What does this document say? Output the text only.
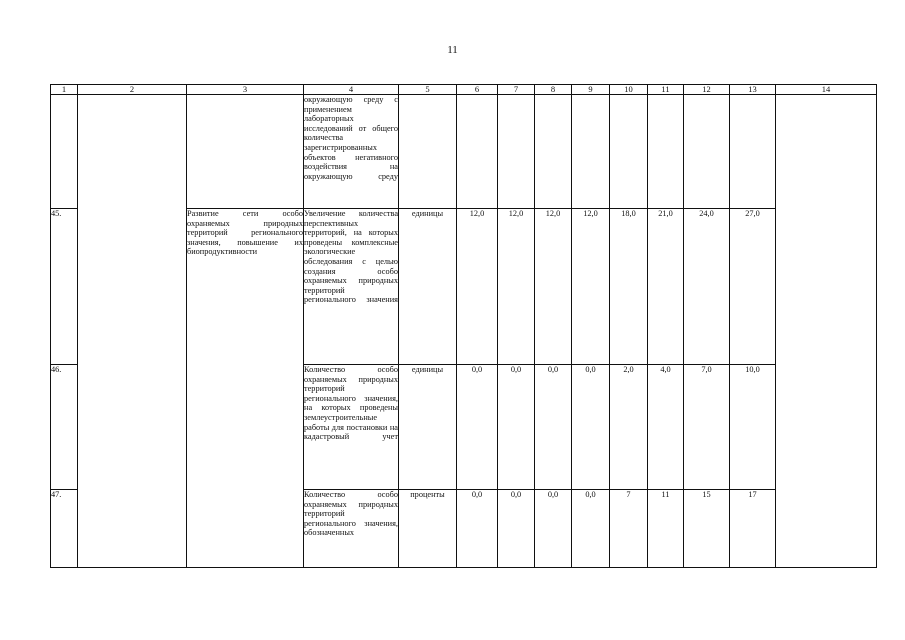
11
1	2	3	4	5	6	7	8	9	10	11	12	13	14
			окружающую среду с применением лабораторных исследований от общего количества зарегистрированных объектов негативного воздействия на окружающую среду										
45.		Развитие сети особо охраняемых природных территорий регионального значения, повышение их биопродуктивности	Увеличение количества перспективных территорий, на которых проведены комплексные экологические обследования с целью создания особо охраняемых природных территорий регионального значения	единицы	12,0	12,0	12,0	12,0	18,0	21,0	24,0	27,0	
46.			Количество особо охраняемых природных территорий регионального значения, на которых проведены землеустроительные работы для постановки на кадастровый учет	единицы	0,0	0,0	0,0	0,0	2,0	4,0	7,0	10,0	
47.			Количество особо охраняемых природных территорий регионального значения, обозначенных	проценты	0,0	0,0	0,0	0,0	7	11	15	17	
